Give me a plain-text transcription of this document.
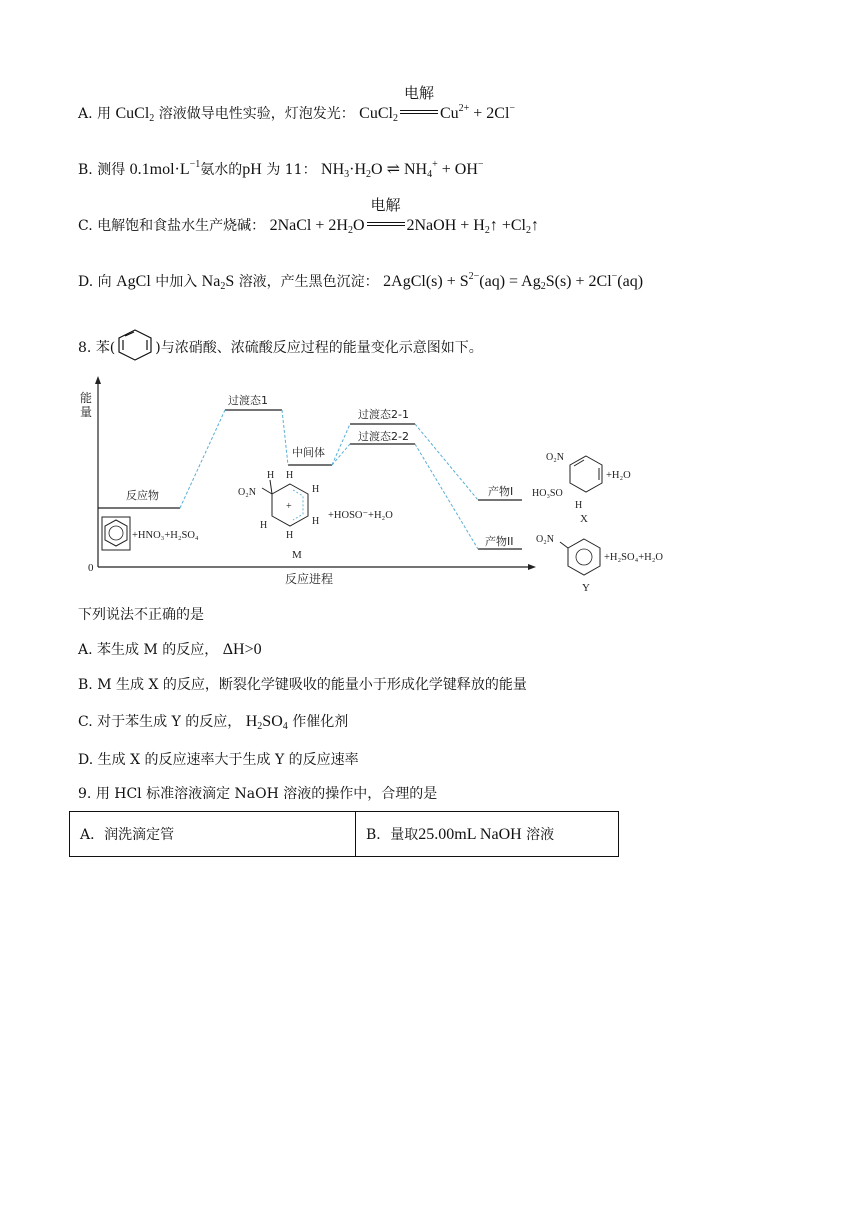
A. 用 CuCl$_2$ 溶液做导电性实验，灯泡发光： CuCl$_2$
电解
$Cu^{2+} + 2Cl^-$
B. 测得 $0.1mol\cdot L^{-1}$氨水的pH 为 11： $NH_3\cdot H_2O$ ⇌ $NH_4^+ + OH^-$
C. 电解饱和食盐水生产烧碱： 2NaCl + $2H_2O$
电解
2NaOH + $H_2↑$ $+Cl_2↑$
D. 向 AgCl 中加入 $Na_2S$ 溶液，产生黑色沉淀： 2AgCl(s) + $S^{2-}(aq) = Ag_2S(s) + 2Cl^-(aq)$
8. 苯(	)与浓硝酸、浓硫酸反应过程的能量变化示意图如下。
能
量
0
反应进程
反应物
过渡态1
中间体
过渡态2-1
过渡态2-2
产物I
产物II
+HNO₃+H₂SO₄
+
O₂N
H H
H
H
H
H
M
+HOSO⁻+H₂O
O₂N
HO₃SO
H
+H₂O
X
O₂N
+H₂SO₄+H₂O
Y
下列说法不正确的是
A. 苯生成 M 的反应， ΔH>0
B. M 生成 X 的反应，断裂化学键吸收的能量小于形成化学键释放的能量
C. 对于苯生成 Y 的反应， $H_2SO_4$ 作催化剂
D. 生成 X 的反应速率大于生成 Y 的反应速率
9. 用 HCl 标准溶液滴定 NaOH 溶液的操作中，合理的是
A．润洗滴定管	B．量取25.00mL NaOH 溶液
